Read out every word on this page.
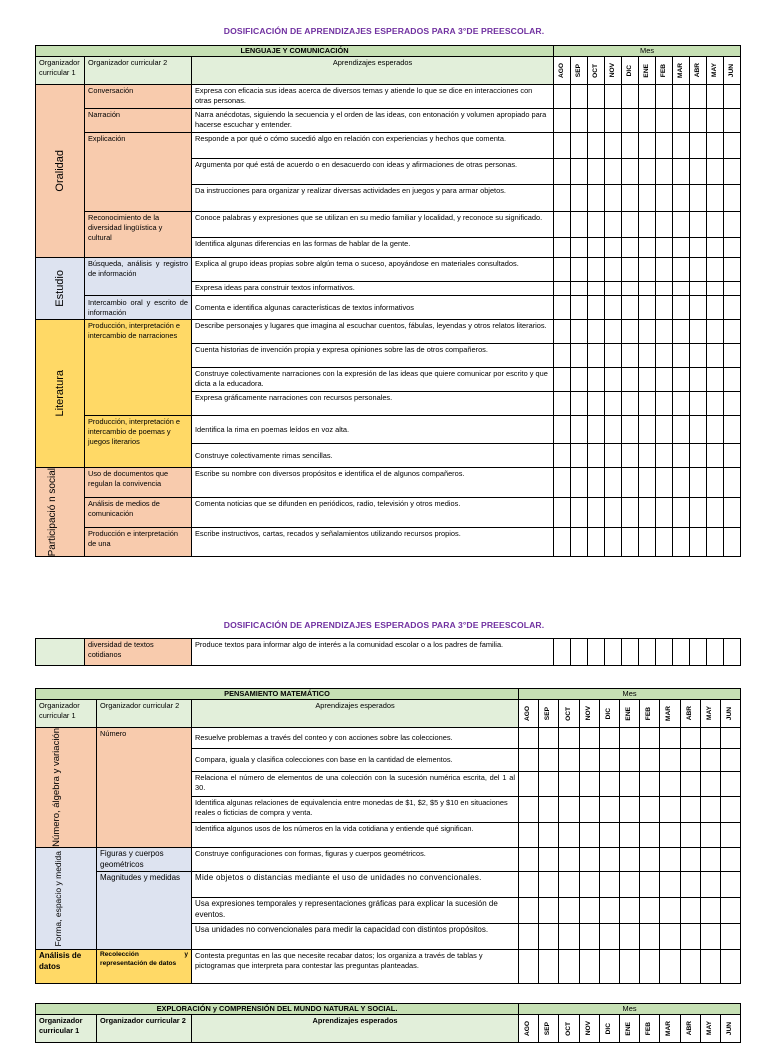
DOSIFICACIÓN DE APRENDIZAJES ESPERADOS PARA 3°DE PREESCOLAR.
LENGUAJE Y COMUNICACIÓN			Mes										
Organizador curricular 1	Organizador curricular 2	Aprendizajes esperados	AGO	SEP	OCT	NOV	DIC	ENE	FEB	MAR	ABR	MAY	JUN

Oralidad	Conversación	Expresa con eficacia sus ideas acerca de diversos temas y atiende lo que se dice en interacciones con otras personas.											
	Narración	Narra anécdotas, siguiendo la secuencia y el orden de las ideas, con entonación y volumen apropiado para hacerse escuchar y entender.											
	Explicación	Responde a por qué o cómo sucedió algo en relación con experiencias y hechos que comenta.											
		Argumenta por qué está de acuerdo o en desacuerdo con ideas y afirmaciones de otras personas.											
		Da instrucciones para organizar y realizar diversas actividades en juegos y para armar objetos.											
	Reconocimiento de la diversidad lingüística y cultural	Conoce palabras y expresiones que se utilizan en su medio familiar y localidad, y reconoce su significado.											
		Identifica algunas diferencias en las formas de hablar de la gente.											

Estudio	Búsqueda, análisis y registro de información	Explica al grupo ideas propias sobre algún tema o suceso, apoyándose en materiales consultados.											
		Expresa ideas para construir textos informativos.											
	Intercambio oral y escrito de información	Comenta e identifica algunas características de textos informativos											

Literatura	Producción, interpretación e intercambio de narraciones	Describe personajes y lugares que imagina al escuchar cuentos, fábulas, leyendas y otros relatos literarios.											
		Cuenta historias de invención propia y expresa opiniones sobre las de otros compañeros.											
		Construye colectivamente narraciones con la expresión de las ideas que quiere comunicar por escrito y que dicta a la educadora.											
		Expresa gráficamente narraciones con recursos personales.											
	Producción, interpretación e intercambio de poemas y juegos literarios	Identifica la rima en poemas leídos en voz alta.											
		Construye colectivamente rimas sencillas.											

Participació n social	Uso de documentos que regulan la convivencia	Escribe su nombre con diversos propósitos e identifica el de algunos compañeros.											
	Análisis de medios de comunicación	Comenta noticias que se difunden en periódicos, radio, televisión y otros medios.											
	Producción e interpretación de una	Escribe instructivos, cartas, recados y señalamientos utilizando recursos propios.											
DOSIFICACIÓN DE APRENDIZAJES ESPERADOS PARA 3°DE PREESCOLAR.
	diversidad de textos cotidianos	Produce textos para informar algo de interés a la comunidad escolar o a los padres de familia.											
PENSAMIENTO MATEMÁTICO			Mes										
Organizador curricular 1	Organizador curricular 2	Aprendizajes esperados	AGO	SEP	OCT	NOV	DIC	ENE	FEB	MAR	ABR	MAY	JUN

Número, álgebra y variación	Número	Resuelve problemas a través del conteo y con acciones sobre las colecciones.											
		Compara, iguala y clasifica colecciones con base en la cantidad de elementos.											
		Relaciona el número de elementos de una colección con la sucesión numérica escrita, del 1 al 30.											
		Identifica algunas relaciones de equivalencia entre monedas de $1, $2, $5 y $10 en situaciones reales o ficticias de compra y venta.											
		Identifica algunos usos de los números en la vida cotidiana y entiende qué significan.											

Forma, espacio y medida	Figuras y cuerpos geométricos	Construye configuraciones con formas, figuras y cuerpos geométricos.											
	Magnitudes y medidas	Mide objetos o distancias mediante el uso de unidades no convencionales.											
		Usa expresiones temporales y representaciones gráficas para explicar la sucesión de eventos.											
		Usa unidades no convencionales para medir la capacidad con distintos propósitos.											
Análisis de datos	Recolección y representación de datos	Contesta preguntas en las que necesite recabar datos; los organiza a través de tablas y pictogramas que interpreta para contestar las preguntas planteadas.											
EXPLORACIÓN y COMPRENSIÓN DEL MUNDO NATURAL Y SOCIAL.			Mes										
Organizador curricular 1	Organizador curricular 2	Aprendizajes esperados	AGO	SEP	OCT	NOV	DIC	ENE	FEB	MAR	ABR	MAY	JUN
